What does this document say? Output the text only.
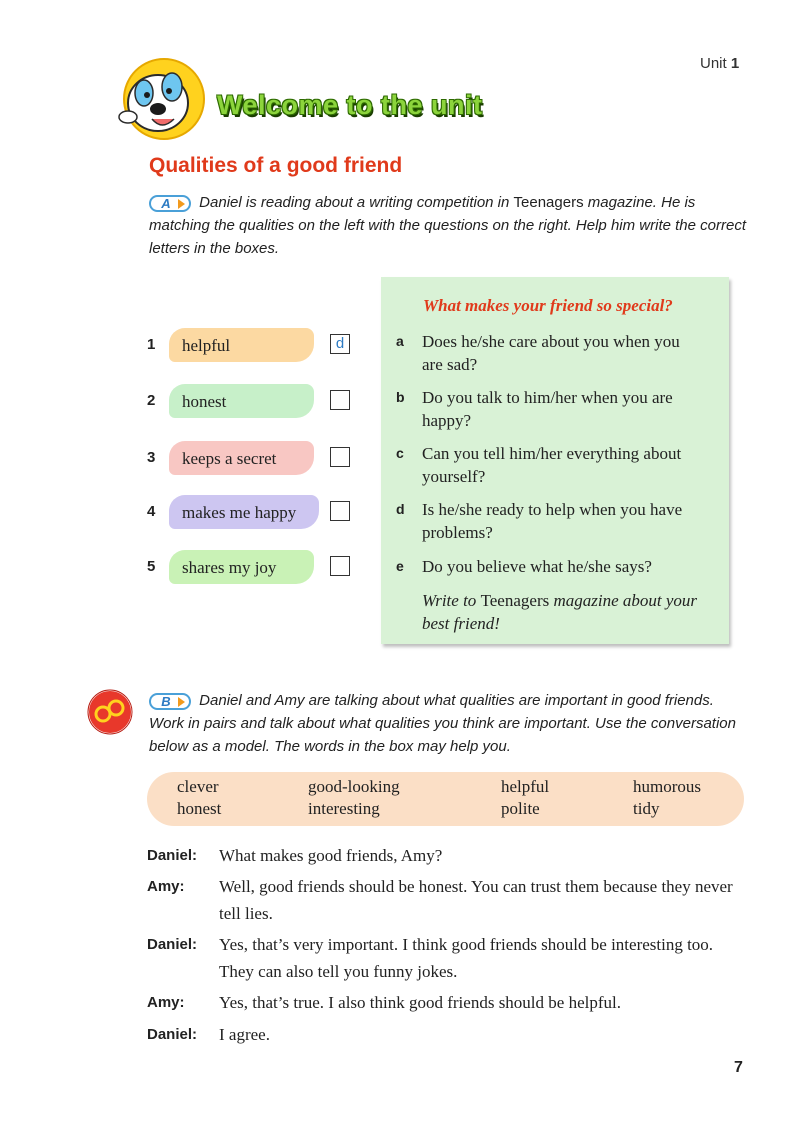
Unit 1
Welcome to the unit
Qualities of a good friend
A Daniel is reading about a writing competition in Teenagers magazine. He is matching the qualities on the left with the questions on the right. Help him write the correct letters in the boxes.
1 helpful	d
2 honest
3 keeps a secret
4 makes me happy
5 shares my joy
What makes your friend so special?
a Does he/she care about you when you are sad?
b Do you talk to him/her when you are happy?
c Can you tell him/her everything about yourself?
d Is he/she ready to help when you have problems?
e Do you believe what he/she says?
Write to Teenagers magazine about your best friend!
B Daniel and Amy are talking about what qualities are important in good friends. Work in pairs and talk about what qualities you think are important. Use the conversation below as a model. The words in the box may help you.
clever	good-looking	helpful	humorous
honest	interesting	polite	tidy
Daniel: What makes good friends, Amy?
Amy: Well, good friends should be honest. You can trust them because they never tell lies.
Daniel: Yes, that’s very important. I think good friends should be interesting too. They can also tell you funny jokes.
Amy: Yes, that’s true. I also think good friends should be helpful.
Daniel: I agree.
7
